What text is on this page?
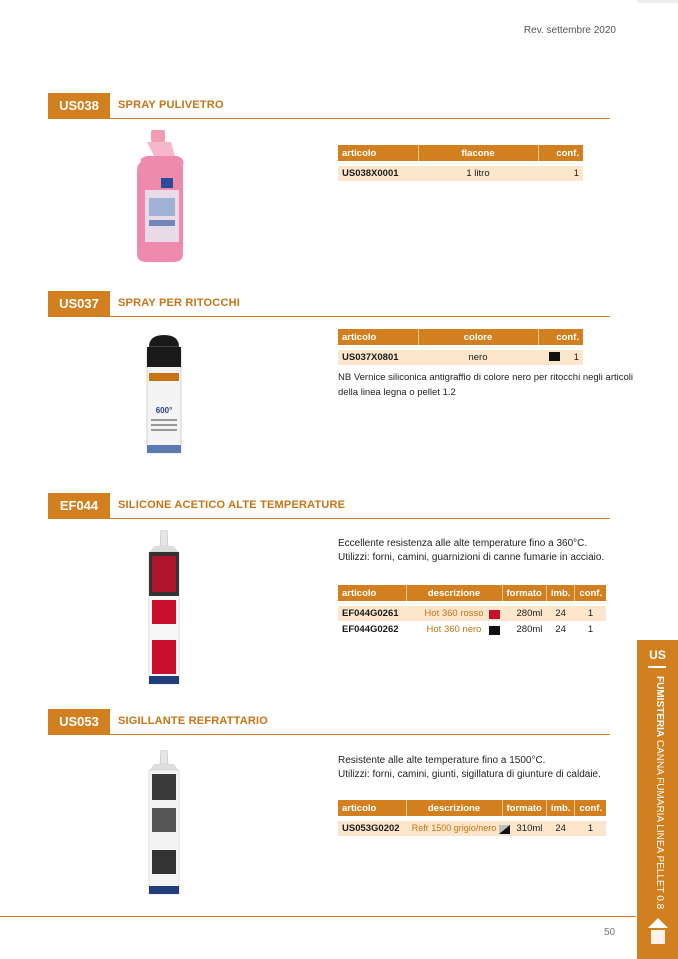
Rev. settembre 2020
US038	SPRAY PULIVETRO
articolo	flacone	conf.

US038X0001	1 litro	1
US037	SPRAY PER RITOCCHI
600°
articolo	colore	conf.

US037X0801	nero	1
NB Vernice siliconica antigraffio di colore nero per ritocchi negli articoli
della linea legna o pellet 1.2
EF044	SILICONE ACETICO ALTE TEMPERATURE
Eccellente resistenza alle alte temperature fino a 360°C.
Utilizzi: forni, camini, guarnizioni di canne fumarie in acciaio.
articolo	descrizione	formato	imb.	conf.

EF044G0261	Hot 360 rosso	280ml	24	1
EF044G0262	Hot 360 nero	280ml	24	1
US053	SIGILLANTE REFRATTARIO
Resistente alle alte temperature fino a 1500°C.
Utilizzi: forni, camini, giunti, sigillatura di giunture di caldaie.
articolo	descrizione	formato	imb.	conf.

US053G0202	Refr 1500 grigio/nero	310ml	24	1
50
US
FUMISTERIA CANNA FUMARIA LINEA PELLET 0.8
